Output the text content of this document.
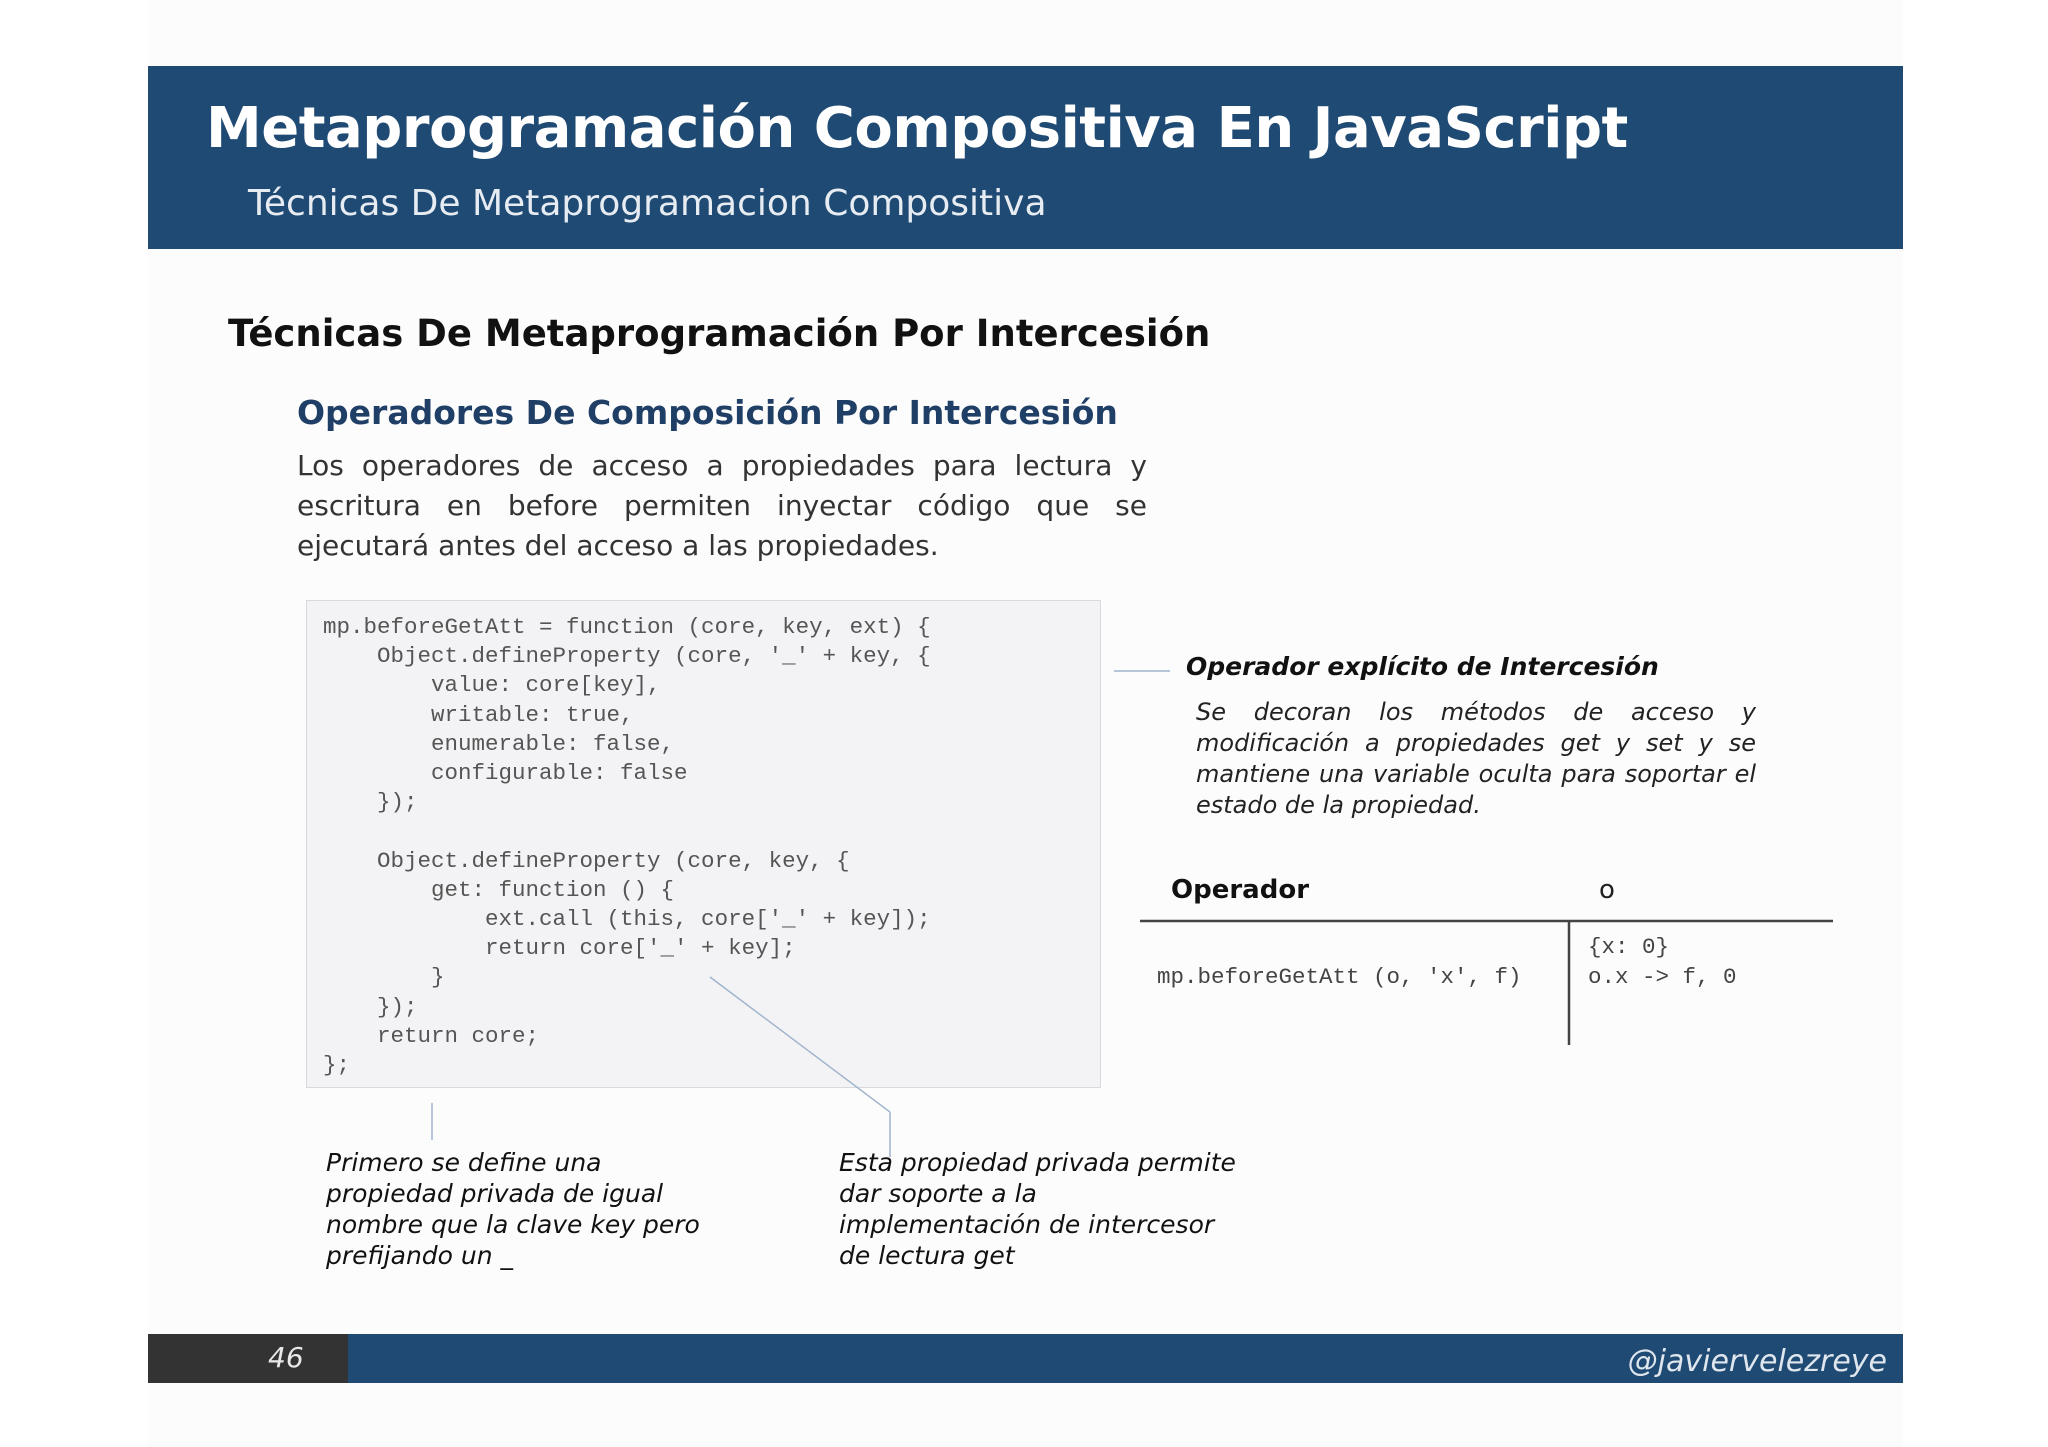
Metaprogramación Compositiva En JavaScript
Técnicas De Metaprogramacion Compositiva
Técnicas De Metaprogramación Por Intercesión
Operadores De Composición Por Intercesión
Los operadores de acceso a propiedades para lectura y escritura en before permiten inyectar código que se ejecutará antes del acceso a las propiedades.
mp.beforeGetAtt = function (core, key, ext) {
Object.defineProperty (core, '_' + key, {
value: core[key],
writable: true,
enumerable: false,
configurable: false
});

Object.defineProperty (core, key, {
get: function () {
ext.call (this, core['_' + key]);
return core['_' + key];
}
});
return core;
};
Operador explícito de Intercesión
Se decoran los métodos de acceso y modificación a propiedades get y set y se mantiene una variable oculta para soportar el estado de la propiedad.
Operador	o
mp.beforeGetAtt (o, 'x', f)
{x: 0}
o.x -> f, 0
Primero se define una propiedad privada de igual nombre que la clave key pero prefijando un _
Esta propiedad privada permite dar soporte a la implementación de intercesor de lectura get
46	@javiervelezreye
